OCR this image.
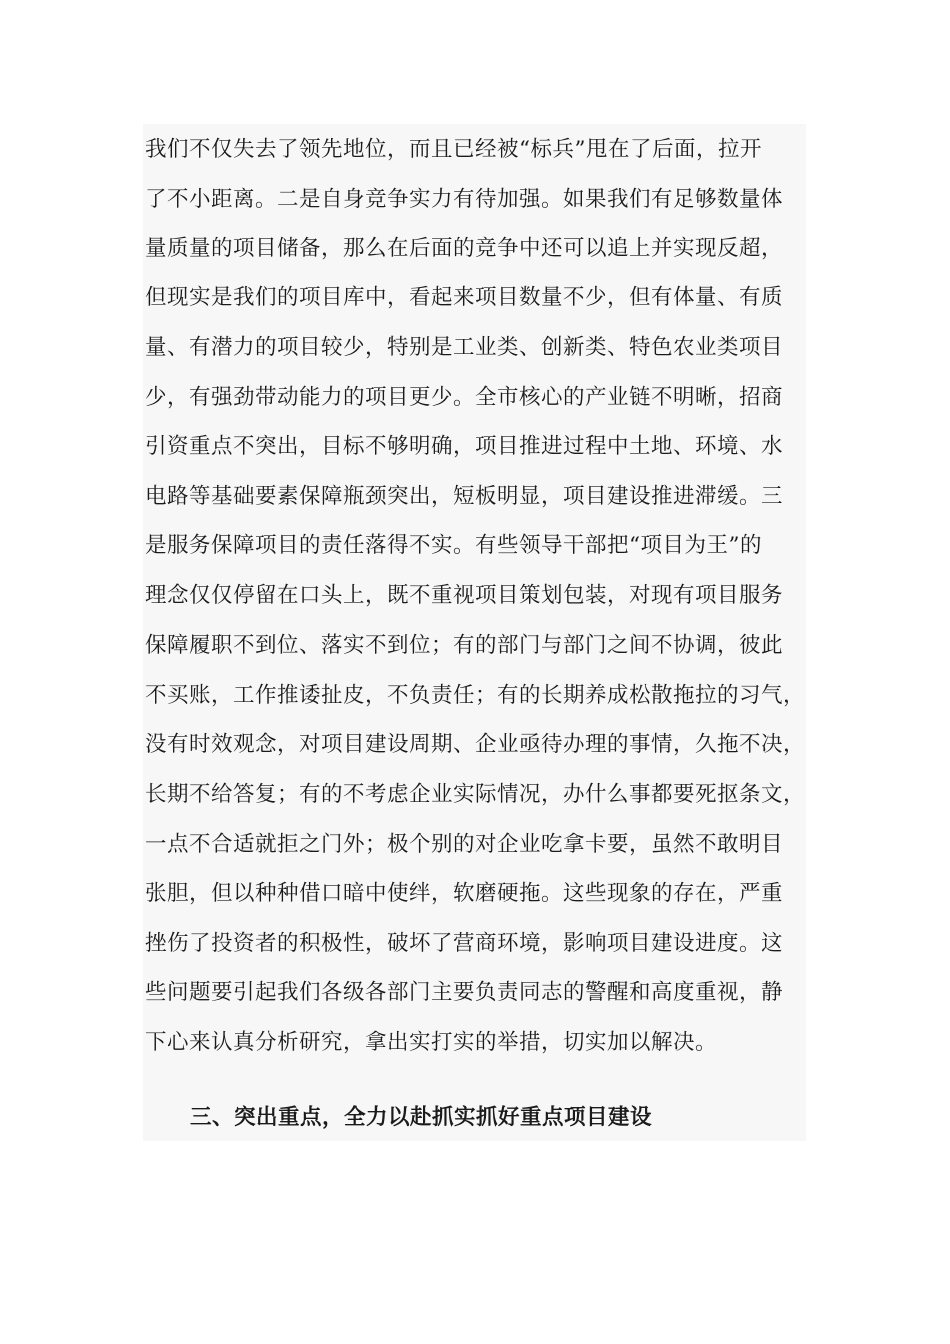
我们不仅失去了领先地位，而且已经被“标兵”甩在了后面，拉开
了不小距离。二是自身竞争实力有待加强。如果我们有足够数量体
量质量的项目储备，那么在后面的竞争中还可以追上并实现反超，
但现实是我们的项目库中，看起来项目数量不少，但有体量、有质
量、有潜力的项目较少，特别是工业类、创新类、特色农业类项目
少，有强劲带动能力的项目更少。全市核心的产业链不明晰，招商
引资重点不突出，目标不够明确，项目推进过程中土地、环境、水
电路等基础要素保障瓶颈突出，短板明显，项目建设推进滞缓。三
是服务保障项目的责任落得不实。有些领导干部把“项目为王”的
理念仅仅停留在口头上，既不重视项目策划包装，对现有项目服务
保障履职不到位、落实不到位；有的部门与部门之间不协调，彼此
不买账，工作推诿扯皮，不负责任；有的长期养成松散拖拉的习气，
没有时效观念，对项目建设周期、企业亟待办理的事情，久拖不决，
长期不给答复；有的不考虑企业实际情况，办什么事都要死抠条文，
一点不合适就拒之门外；极个别的对企业吃拿卡要，虽然不敢明目
张胆，但以种种借口暗中使绊，软磨硬拖。这些现象的存在，严重
挫伤了投资者的积极性，破坏了营商环境，影响项目建设进度。这
些问题要引起我们各级各部门主要负责同志的警醒和高度重视，静
下心来认真分析研究，拿出实打实的举措，切实加以解决。
三、突出重点，全力以赴抓实抓好重点项目建设
